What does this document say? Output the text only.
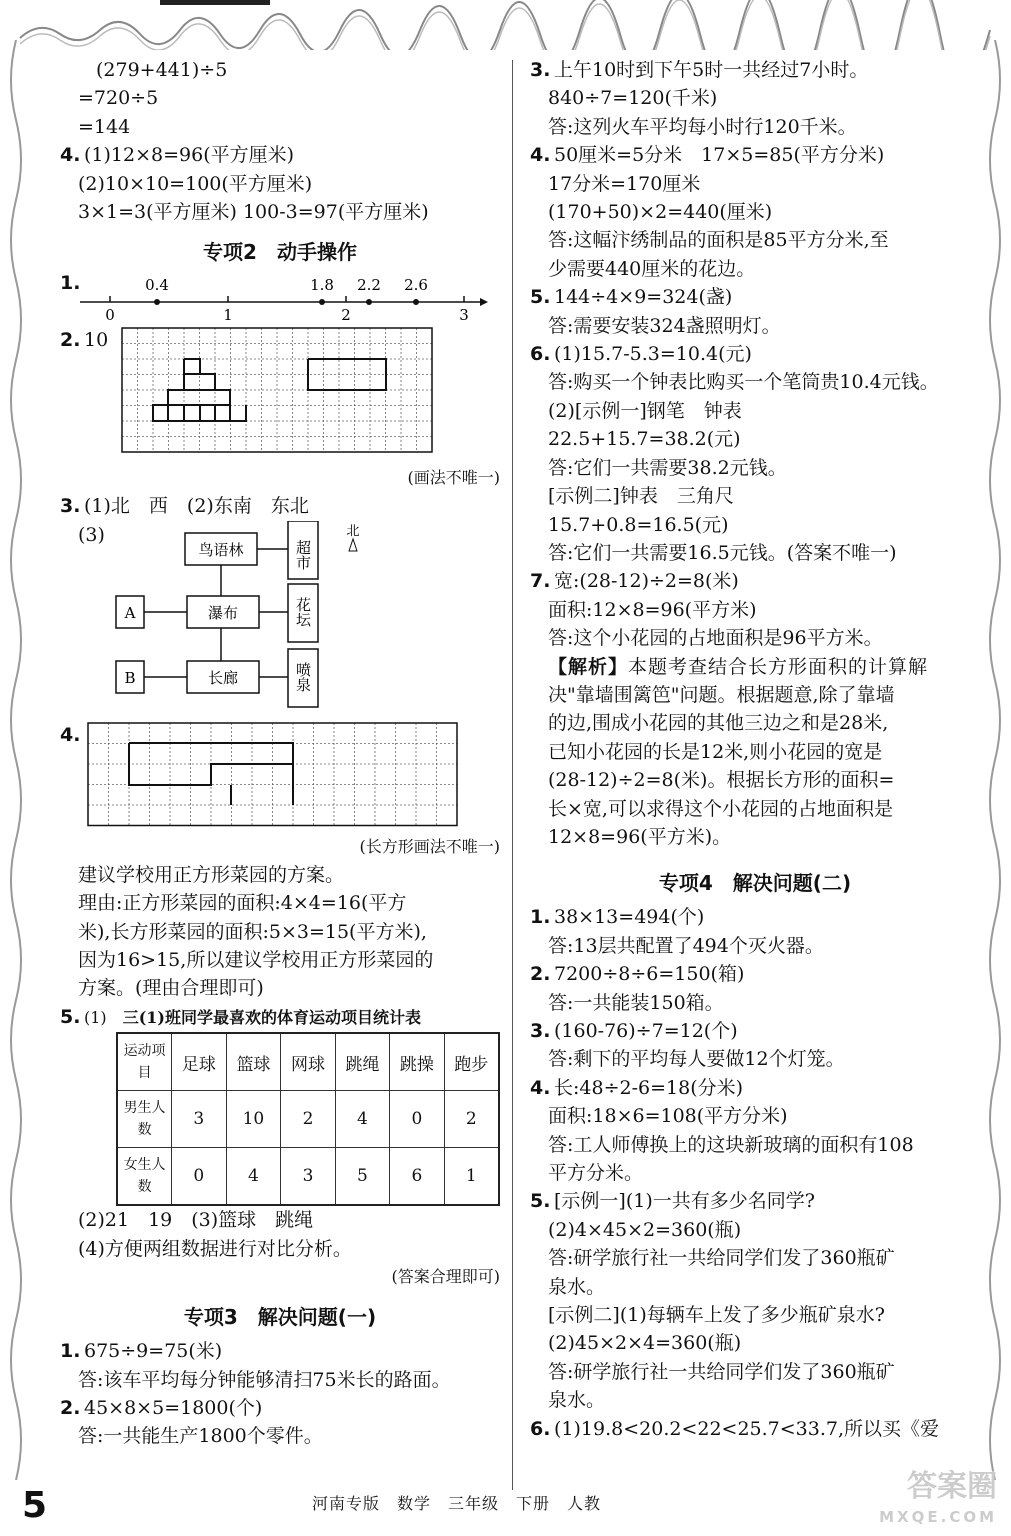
(279+441)÷5
=720÷5
=144
4. (1)12×8=96(平方厘米)
(2)10×10=100(平方厘米)
3×1=3(平方厘米) 100-3=97(平方厘米)
专项2　动手操作
1.	0.4	1.8 2.2 2.6
0	1	2	3
2. 10
(画法不唯一)
3. (1)北　西　(2)东南　东北
(3)
鸟语林
瀑布
长廊
A
B
超市
花坛
喷泉
北
4.
(长方形画法不唯一)
建议学校用正方形菜园的方案。
理由:正方形菜园的面积:4×4=16(平方
米),长方形菜园的面积:5×3=15(平方米),
因为16>15,所以建议学校用正方形菜园的
方案。(理由合理即可)
5. (1)　 三(1)班同学最喜欢的体育运动项目统计表
运动项目	足球	篮球	网球	跳绳	跳操	跑步
男生人数	3	10	2	4	0	2
女生人数	0	4	3	5	6	1
(2)21　19　(3)篮球　跳绳
(4)方便两组数据进行对比分析。
(答案合理即可)
专项3　解决问题(一)
1. 675÷9=75(米)
答:该车平均每分钟能够清扫75米长的路面。
2. 45×8×5=1800(个)
答:一共能生产1800个零件。
3. 上午10时到下午5时一共经过7小时。
840÷7=120(千米)
答:这列火车平均每小时行120千米。
4. 50厘米=5分米　17×5=85(平方分米)
17分米=170厘米
(170+50)×2=440(厘米)
答:这幅汴绣制品的面积是85平方分米,至
少需要440厘米的花边。
5. 144÷4×9=324(盏)
答:需要安装324盏照明灯。
6. (1)15.7-5.3=10.4(元)
答:购买一个钟表比购买一个笔筒贵10.4元钱。
(2)[示例一]钢笔　钟表
22.5+15.7=38.2(元)
答:它们一共需要38.2元钱。
[示例二]钟表　三角尺
15.7+0.8=16.5(元)
答:它们一共需要16.5元钱。(答案不唯一)
7. 宽:(28-12)÷2=8(米)
面积:12×8=96(平方米)
答:这个小花园的占地面积是96平方米。
【解析】本题考查结合长方形面积的计算解
决"靠墙围篱笆"问题。根据题意,除了靠墙
的边,围成小花园的其他三边之和是28米,
已知小花园的长是12米,则小花园的宽是
(28-12)÷2=8(米)。根据长方形的面积=
长×宽,可以求得这个小花园的占地面积是
12×8=96(平方米)。
专项4　解决问题(二)
1. 38×13=494(个)
答:13层共配置了494个灭火器。
2. 7200÷8÷6=150(箱)
答:一共能装150箱。
3. (160-76)÷7=12(个)
答:剩下的平均每人要做12个灯笼。
4. 长:48÷2-6=18(分米)
面积:18×6=108(平方分米)
答:工人师傅换上的这块新玻璃的面积有108
平方分米。
5. [示例一](1)一共有多少名同学?
(2)4×45×2=360(瓶)
答:研学旅行社一共给同学们发了360瓶矿
泉水。
[示例二](1)每辆车上发了多少瓶矿泉水?
(2)45×2×4=360(瓶)
答:研学旅行社一共给同学们发了360瓶矿
泉水。
6. (1)19.8<20.2<22<25.7<33.7,所以买《爱
5	河南专版　数学　三年级　下册　人教	答案圈
MXQE.COM
